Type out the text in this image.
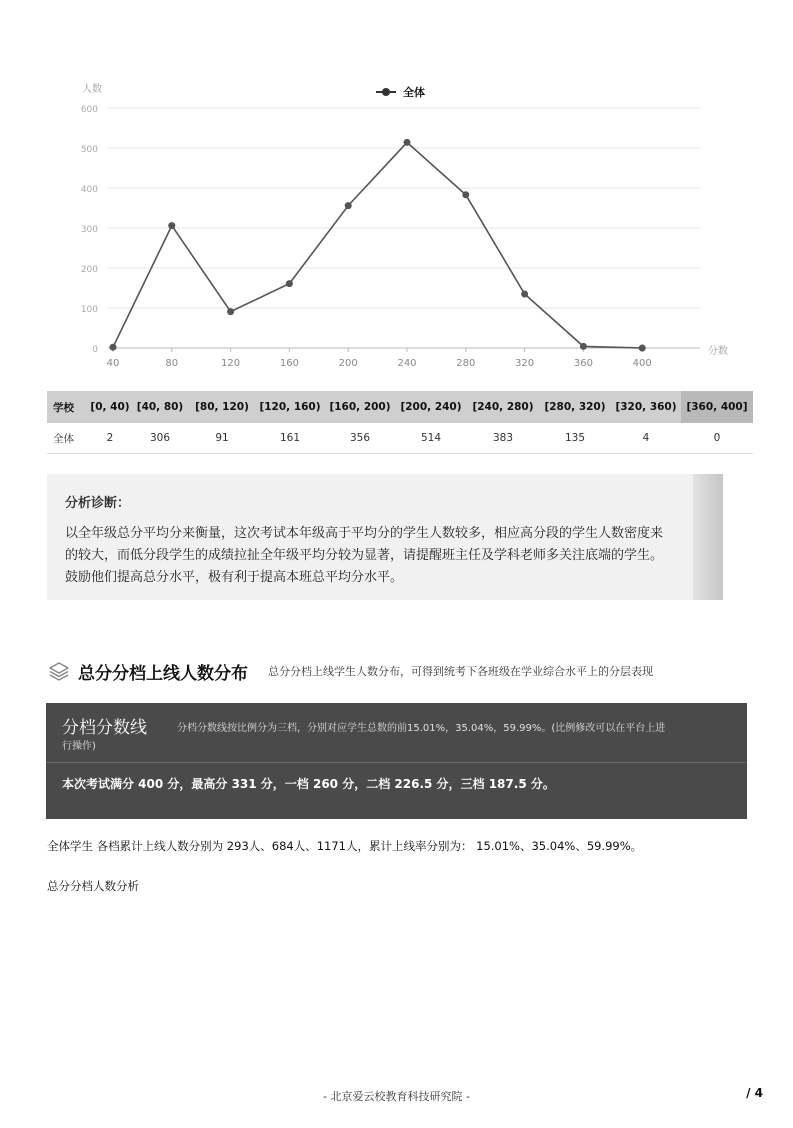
人数
分数
全体
0
100
200
300
400
500
600
40	80	120	160	200	240	280	320	360	400
学校	[0, 40)	[40, 80)	[80, 120)	[120, 160)	[160, 200)	[200, 240)	[240, 280)	[280, 320)	[320, 360)	[360, 400]
全体	2	306	91	161	356	514	383	135	4	0
分析诊断：
以全年级总分平均分来衡量，这次考试本年级高于平均分的学生人数较多，相应高分段的学生人数密度来的较大，而低分段学生的成绩拉扯全年级平均分较为显著，请提醒班主任及学科老师多关注底端的学生。鼓励他们提高总分水平，极有利于提高本班总平均分水平。
总分分档上线人数分布 总分分档上线学生人数分布，可得到统考下各班级在学业综合水平上的分层表现
分档分数线	分档分数线按比例分为三档，分别对应学生总数的前15.01%，35.04%，59.99%。(比例修改可以在平台上进
行操作)
本次考试满分 400 分，最高分 331 分，一档 260 分，二档 226.5 分，三档 187.5 分。
全体学生 各档累计上线人数分别为 293人、684人、1171人，累计上线率分别为： 15.01%、35.04%、59.99%。
总分分档人数分析
- 北京爱云校教育科技研究院 -	/ 4
